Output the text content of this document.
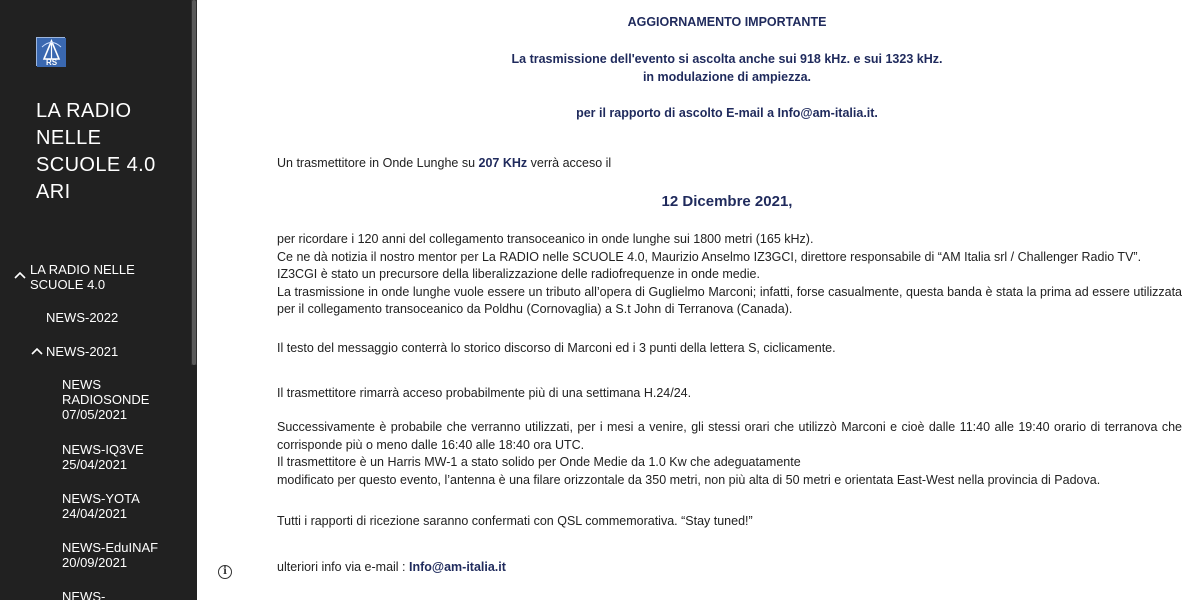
RS
LA RADIO
NELLE
SCUOLE 4.0
ARI
LA RADIO NELLE SCUOLE 4.0
NEWS-2022
NEWS-2021
NEWS RADIOSONDE 07/05/2021
NEWS-IQ3VE 25/04/2021
NEWS-YOTA 24/04/2021
NEWS-EduINAF 20/09/2021
NEWS-
AGGIORNAMENTO IMPORTANTE
La trasmissione dell'evento si ascolta anche sui 918 kHz. e sui 1323 kHz.
in modulazione di ampiezza.
per il rapporto di ascolto E-mail a Info@am-italia.it.
Un trasmettitore in Onde Lunghe su 207 KHz verrà acceso il
12 Dicembre 2021,
per ricordare i 120 anni del collegamento transoceanico in onde lunghe sui 1800 metri (165 kHz).
Ce ne dà notizia il nostro mentor per La RADIO nelle SCUOLE 4.0, Maurizio Anselmo IZ3GCI, direttore responsabile di “AM Italia srl / Challenger Radio TV”.
IZ3CGI è stato un precursore della liberalizzazione delle radiofrequenze in onde medie.
La trasmissione in onde lunghe vuole essere un tributo all’opera di Guglielmo Marconi; infatti, forse casualmente, questa banda è stata la prima ad essere utilizzata per il collegamento transoceanico da Poldhu (Cornovaglia) a S.t John di Terranova (Canada).
Il testo del messaggio conterrà lo storico discorso di Marconi ed i 3 punti della lettera S, ciclicamente.
Il trasmettitore rimarrà acceso probabilmente più di una settimana H.24/24.
Successivamente è probabile che verranno utilizzati, per i mesi a venire, gli stessi orari che utilizzò Marconi e cioè dalle 11:40 alle 19:40 orario di terranova che corrisponde più o meno dalle 16:40 alle 18:40 ora UTC.
Il trasmettitore è un Harris MW-1 a stato solido per Onde Medie da 1.0 Kw che adeguatamente
modificato per questo evento, l’antenna è una filare orizzontale da 350 metri, non più alta di 50 metri e orientata East-West nella provincia di Padova.
Tutti i rapporti di ricezione saranno confermati con QSL commemorativa. “Stay tuned!”
ulteriori info via e-mail : Info@am-italia.it
i
